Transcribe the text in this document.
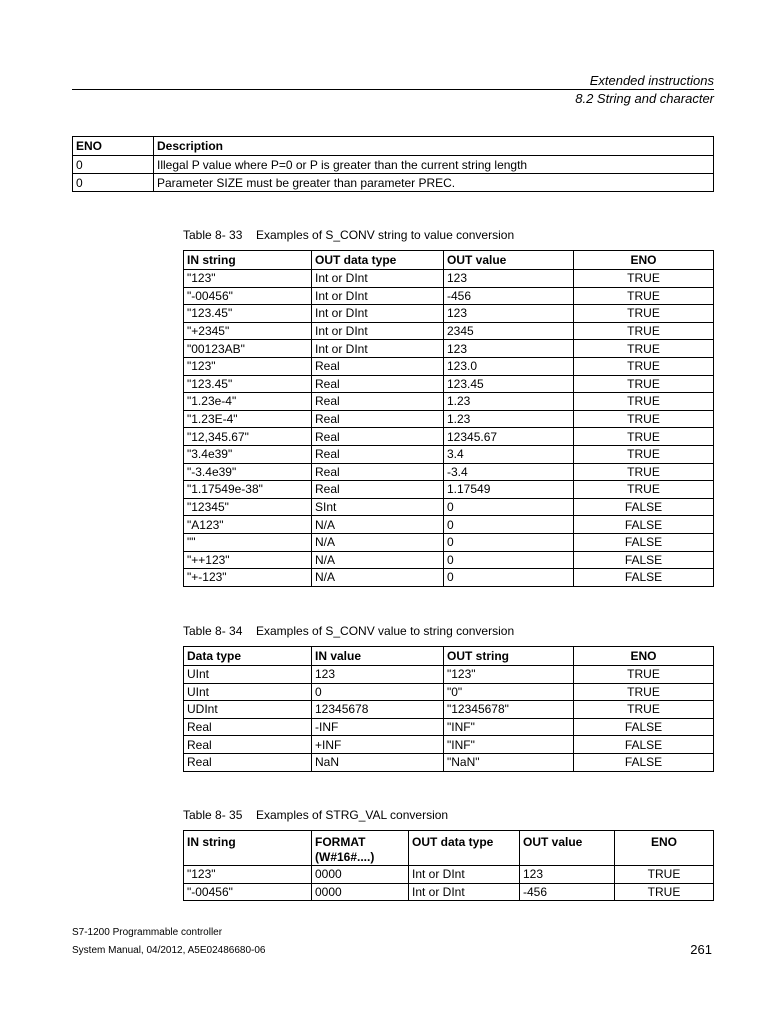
Extended instructions
8.2 String and character
ENO	Description
0	Illegal P value where P=0 or P is greater than the current string length
0	Parameter SIZE must be greater than parameter PREC.
Table 8- 33 Examples of S_CONV string to value conversion
IN string	OUT data type	OUT value	ENO
"123"	Int or DInt	123	TRUE
"-00456"	Int or DInt	-456	TRUE
"123.45"	Int or DInt	123	TRUE
"+2345"	Int or DInt	2345	TRUE
"00123AB"	Int or DInt	123	TRUE
"123"	Real	123.0	TRUE
"123.45"	Real	123.45	TRUE
"1.23e-4"	Real	1.23	TRUE
"1.23E-4"	Real	1.23	TRUE
"12,345.67"	Real	12345.67	TRUE
"3.4e39"	Real	3.4	TRUE
"-3.4e39"	Real	-3.4	TRUE
"1.17549e-38"	Real	1.17549	TRUE
"12345"	SInt	0	FALSE
"A123"	N/A	0	FALSE
""	N/A	0	FALSE
"++123"	N/A	0	FALSE
"+-123"	N/A	0	FALSE
Table 8- 34 Examples of S_CONV value to string conversion
Data type	IN value	OUT string	ENO
UInt	123	"123"	TRUE
UInt	0	"0"	TRUE
UDInt	12345678	"12345678"	TRUE
Real	-INF	"INF"	FALSE
Real	+INF	"INF"	FALSE
Real	NaN	"NaN"	FALSE
Table 8- 35 Examples of STRG_VAL conversion
IN string	FORMAT (W#16#....)	OUT data type	OUT value	ENO
"123"	0000	Int or DInt	123	TRUE
"-00456"	0000	Int or DInt	-456	TRUE
S7-1200 Programmable controller
System Manual, 04/2012, A5E02486680-06	261
